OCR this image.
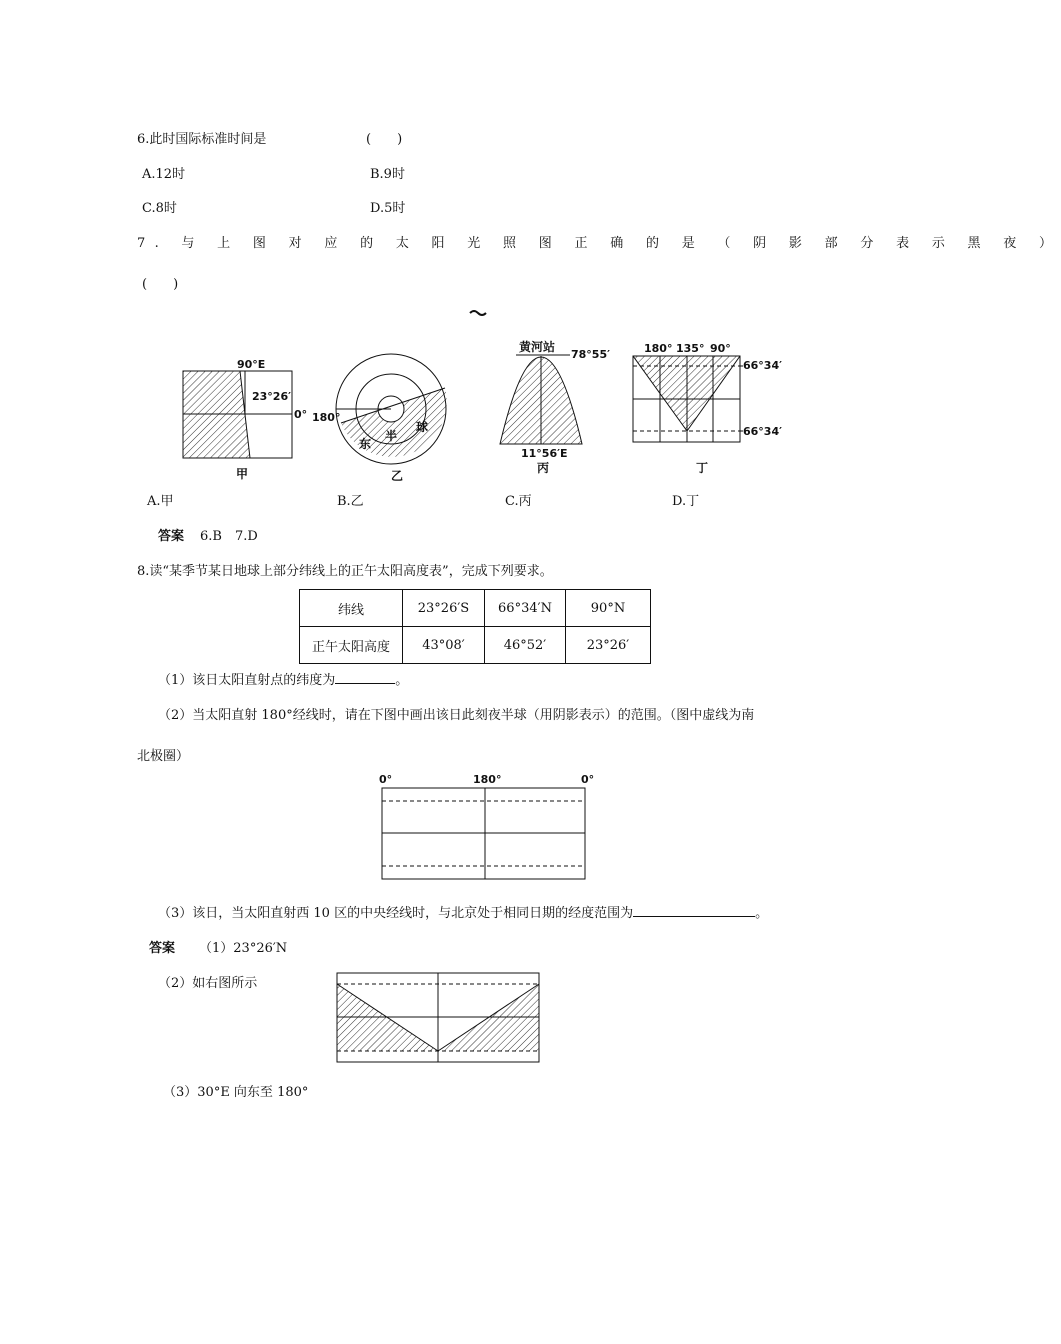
6.此时国际标准时间是	(　　)
A.12时	B.9时
C.8时	D.5时
7. 与 上 图 对 应 的 太 阳 光 照 图 正 确 的 是 （ 阴 影 部 分 表 示 黑 夜 ）
(　　)
90°E
23°26′
0°
甲
180°
东
半
球
乙
黄河站
78°55′
11°56′E
丙
180° 135° 90°
66°34′
66°34′
丁
A.甲	B.乙	C.丙	D.丁
答案 6.B　7.D
8.读“某季节某日地球上部分纬线上的正午太阳高度表”，完成下列要求。
纬线	23°26′S	66°34′N	90°N
正午太阳高度	43°08′	46°52′	23°26′
（1）该日太阳直射点的纬度为	。
（2）当太阳直射 180°经线时，请在下图中画出该日此刻夜半球（用阴影表示）的范围。（图中虚线为南
北极圈）
0°	180°	0°
（3）该日，当太阳直射西 10 区的中央经线时，与北京处于相同日期的经度范围为	。
答案 （1）23°26′N
（2）如右图所示
（3）30°E 向东至 180°
